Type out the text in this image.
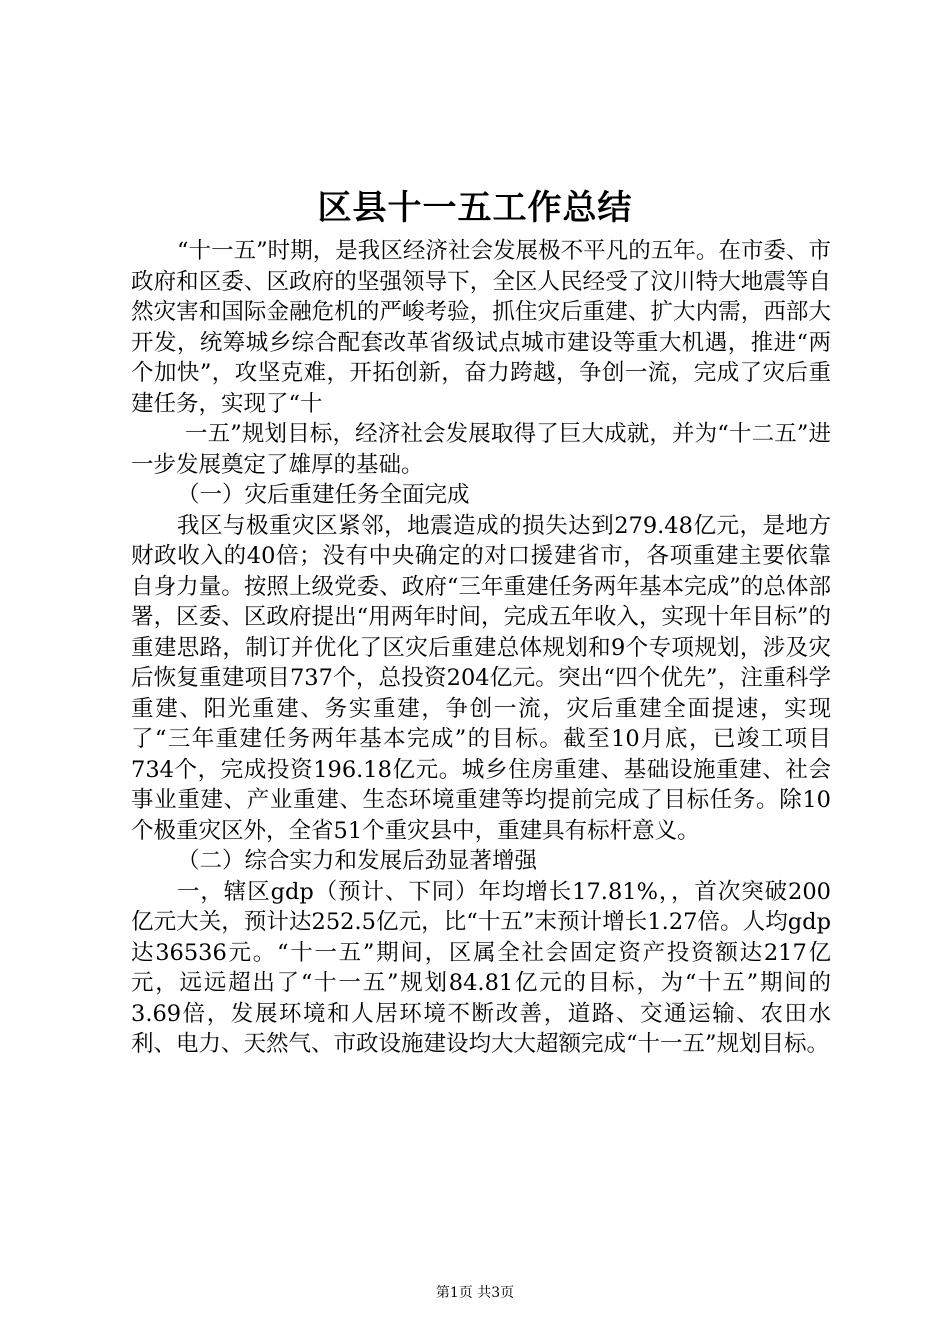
区县十一五工作总结

“十一五”时期，是我区经济社会发展极不平凡的五年。在市委、市政府和区委、区政府的坚强领导下，全区人民经受了汶川特大地震等自然灾害和国际金融危机的严峻考验，抓住灾后重建、扩大内需，西部大开发，统筹城乡综合配套改革省级试点城市建设等重大机遇，推进“两个加快”，攻坚克难，开拓创新，奋力跨越，争创一流，完成了灾后重建任务，实现了“十

一五”规划目标，经济社会发展取得了巨大成就，并为“十二五”进一步发展奠定了雄厚的基础。

（一）灾后重建任务全面完成

我区与极重灾区紧邻，地震造成的损失达到279.48亿元，是地方财政收入的40倍；没有中央确定的对口援建省市，各项重建主要依靠自身力量。按照上级党委、政府“三年重建任务两年基本完成”的总体部署，区委、区政府提出“用两年时间，完成五年收入，实现十年目标”的重建思路，制订并优化了区灾后重建总体规划和9个专项规划，涉及灾后恢复重建项目737个，总投资204亿元。突出“四个优先”，注重科学重建、阳光重建、务实重建，争创一流，灾后重建全面提速，实现了“三年重建任务两年基本完成”的目标。截至10月底，已竣工项目734个，完成投资196.18亿元。城乡住房重建、基础设施重建、社会事业重建、产业重建、生态环境重建等均提前完成了目标任务。除10个极重灾区外，全省51个重灾县中，重建具有标杆意义。

（二）综合实力和发展后劲显著增强

一，辖区gdp（预计、下同）年均增长17.81%，，首次突破200亿元大关，预计达252.5亿元，比“十五”末预计增长1.27倍。人均gdp达36536元。“十一五”期间，区属全社会固定资产投资额达217亿元，远远超出了“十一五”规划84.81亿元的目标，为“十五”期间的3.69倍，发展环境和人居环境不断改善，道路、交通运输、农田水利、电力、天然气、市政设施建设均大大超额完成“十一五”规划目标。

第1页 共3页
